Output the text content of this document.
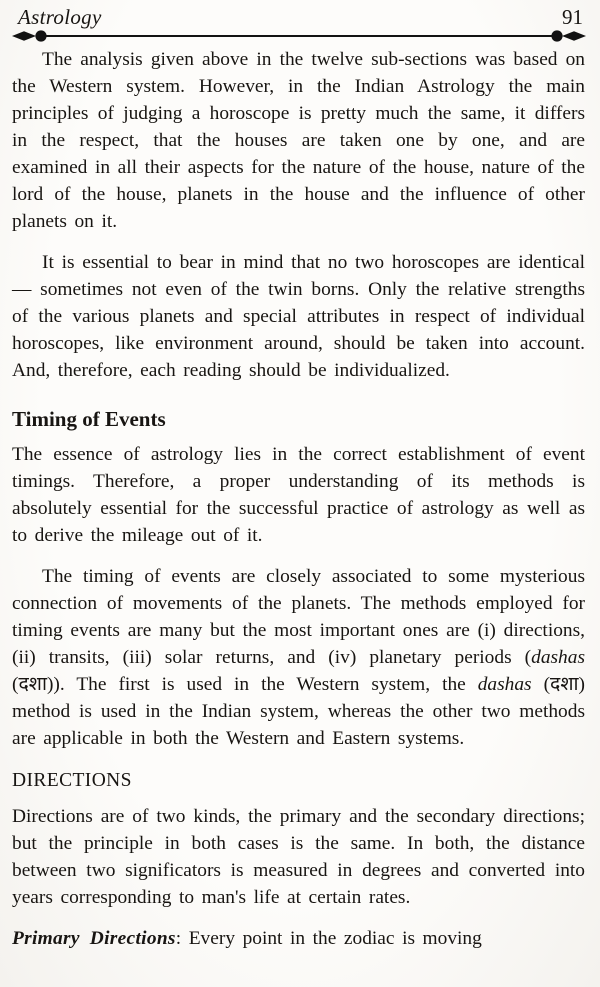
Astrology	91

The analysis given above in the twelve sub-sections was based on the Western system. However, in the Indian Astrology the main principles of judging a horoscope is pretty much the same, it differs in the respect, that the houses are taken one by one, and are examined in all their aspects for the nature of the house, nature of the lord of the house, planets in the house and the influence of other planets on it.

It is essential to bear in mind that no two horoscopes are identical — sometimes not even of the twin borns. Only the relative strengths of the various planets and special attributes in respect of individual horoscopes, like environment around, should be taken into account. And, therefore, each reading should be individualized.

Timing of Events

The essence of astrology lies in the correct establishment of event timings. Therefore, a proper understanding of its methods is absolutely essential for the successful practice of astrology as well as to derive the mileage out of it.

The timing of events are closely associated to some mysterious connection of movements of the planets. The methods employed for timing events are many but the most important ones are (i) directions, (ii) transits, (iii) solar returns, and (iv) planetary periods (dashas (दशा)). The first is used in the Western system, the dashas (दशा) method is used in the Indian system, whereas the other two methods are applicable in both the Western and Eastern systems.

DIRECTIONS

Directions are of two kinds, the primary and the secondary directions; but the principle in both cases is the same. In both, the distance between two significators is measured in degrees and converted into years corresponding to man's life at certain rates.

Primary Directions: Every point in the zodiac is moving
